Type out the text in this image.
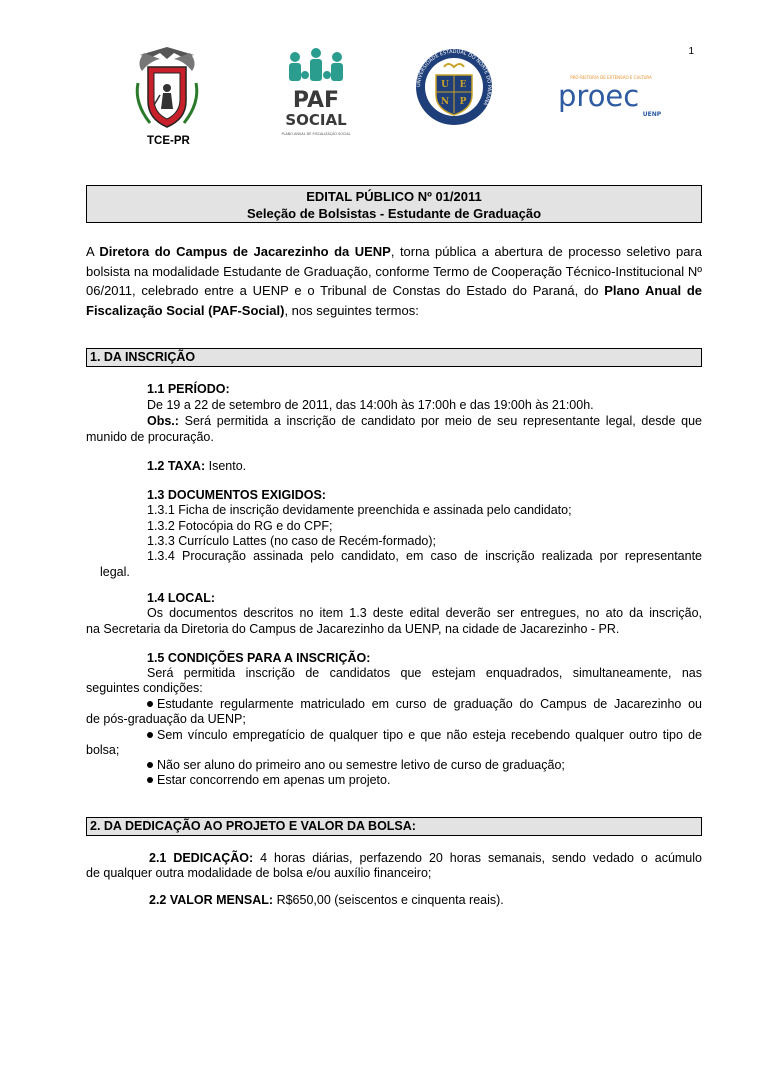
1
TCE-PR
PAF
SOCIAL
PLANO ANUAL DE FISCALIZAÇÃO SOCIAL
UNIVERSIDADE ESTADUAL DO NORTE DO PARANÁ
U E
N P
PRÓ-REITORIA DE EXTENSÃO E CULTURA
proec
UENP
EDITAL PÚBLICO Nº 01/2011
Seleção de Bolsistas - Estudante de Graduação
A Diretora do Campus de Jacarezinho da UENP, torna pública a abertura de processo seletivo para bolsista na modalidade Estudante de Graduação, conforme Termo de Cooperação Técnico-Institucional Nº 06/2011, celebrado entre a UENP e o Tribunal de Constas do Estado do Paraná, do Plano Anual de Fiscalização Social (PAF-Social), nos seguintes termos:
1. DA INSCRIÇÃO
1.1 PERÍODO:
De 19 a 22 de setembro de 2011, das 14:00h às 17:00h e das 19:00h às 21:00h.
Obs.: Será permitida a inscrição de candidato por meio de seu representante legal, desde que
munido de procuração.
1.2 TAXA: Isento.
1.3 DOCUMENTOS EXIGIDOS:
1.3.1 Ficha de inscrição devidamente preenchida e assinada pelo candidato;
1.3.2 Fotocópia do RG e do CPF;
1.3.3 Currículo Lattes (no caso de Recém-formado);
1.3.4 Procuração assinada pelo candidato, em caso de inscrição realizada por representante
legal.
1.4 LOCAL:
Os documentos descritos no item 1.3 deste edital deverão ser entregues, no ato da inscrição,
na Secretaria da Diretoria do Campus de Jacarezinho da UENP, na cidade de Jacarezinho - PR.
1.5 CONDIÇÕES PARA A INSCRIÇÃO:
Será permitida inscrição de candidatos que estejam enquadrados, simultaneamente, nas
seguintes condições:
Estudante regularmente matriculado em curso de graduação do Campus de Jacarezinho ou
de pós-graduação da UENP;
Sem vínculo empregatício de qualquer tipo e que não esteja recebendo qualquer outro tipo de
bolsa;
Não ser aluno do primeiro ano ou semestre letivo de curso de graduação;
Estar concorrendo em apenas um projeto.
2. DA DEDICAÇÃO AO PROJETO E VALOR DA BOLSA:
2.1 DEDICAÇÃO: 4 horas diárias, perfazendo 20 horas semanais, sendo vedado o acúmulo
de qualquer outra modalidade de bolsa e/ou auxílio financeiro;
2.2 VALOR MENSAL: R$650,00 (seiscentos e cinquenta reais).
